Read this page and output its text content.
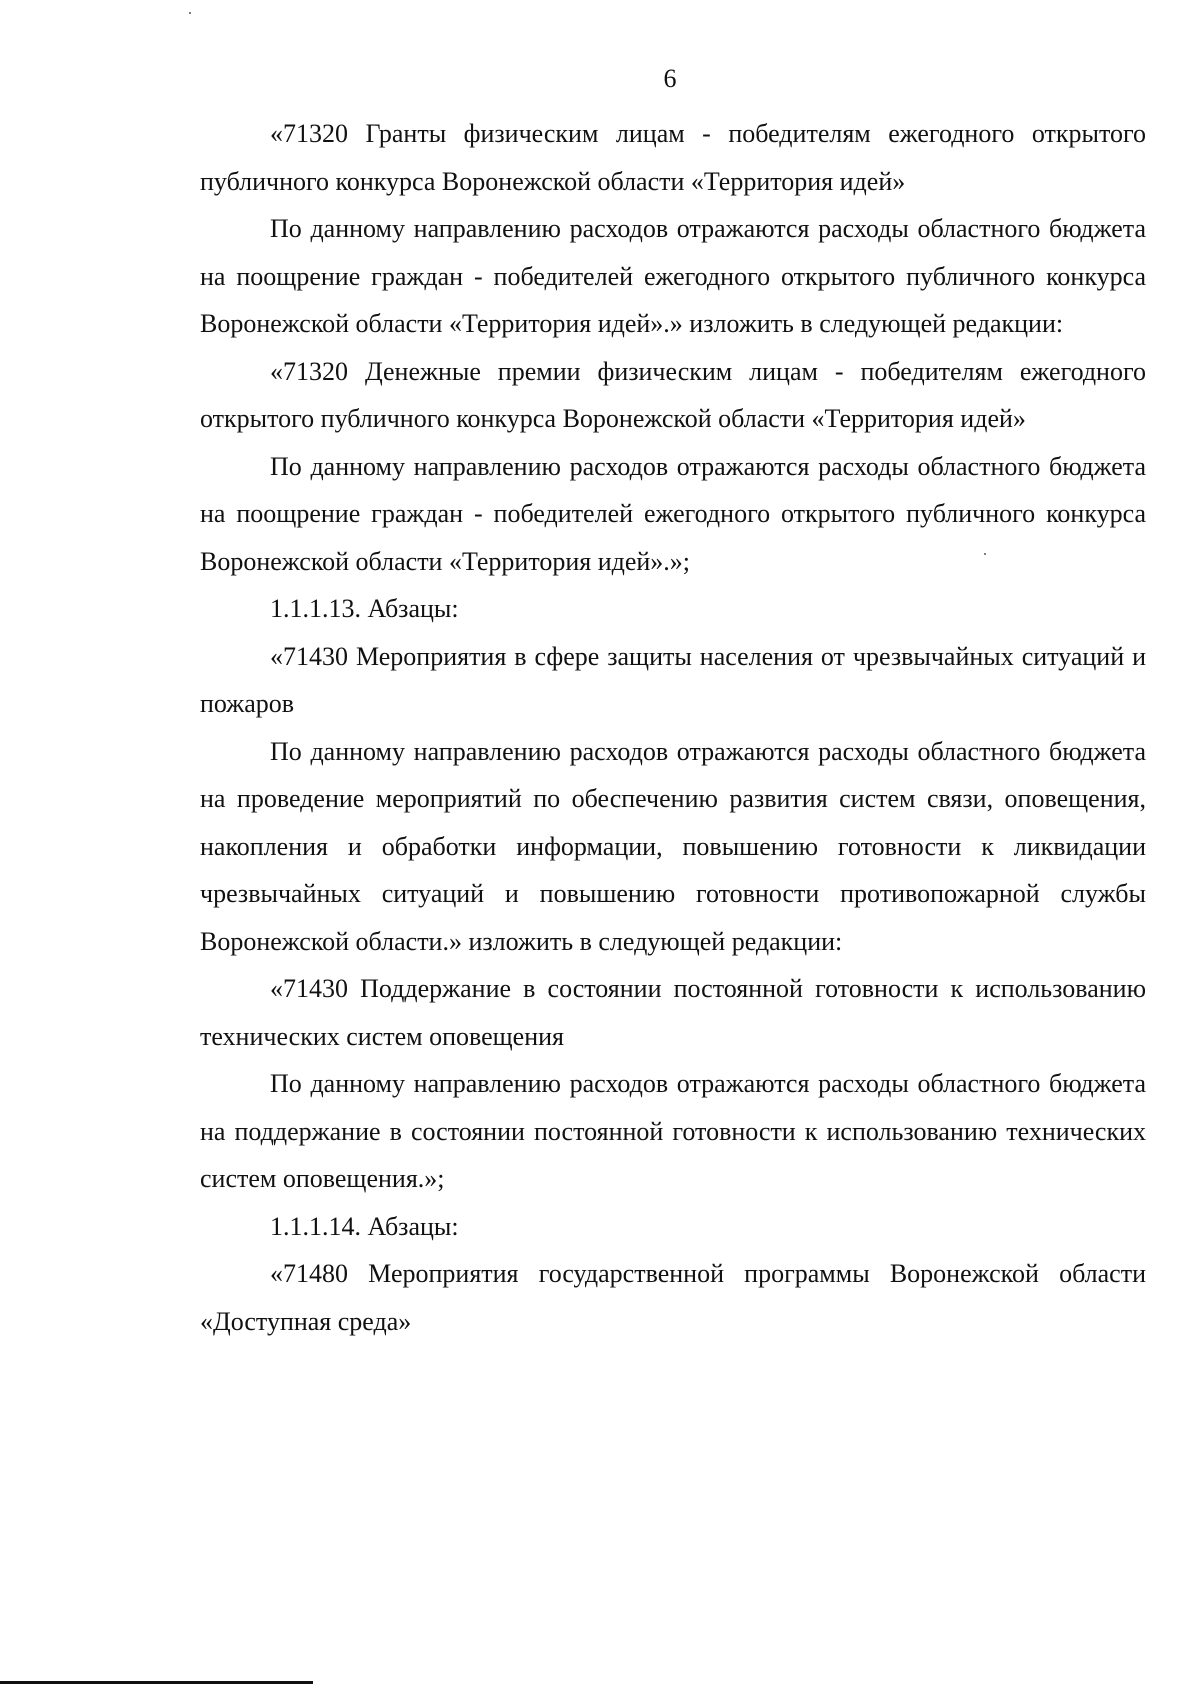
6

«71320 Гранты физическим лицам - победителям ежегодного открытого публичного конкурса Воронежской области «Территория идей»

По данному направлению расходов отражаются расходы областного бюджета на поощрение граждан - победителей ежегодного открытого публичного конкурса Воронежской области «Территория идей».» изложить в следующей редакции:

«71320 Денежные премии физическим лицам - победителям ежегодного открытого публичного конкурса Воронежской области «Территория идей»

По данному направлению расходов отражаются расходы областного бюджета на поощрение граждан - победителей ежегодного открытого публичного конкурса Воронежской области «Территория идей».»;

1.1.1.13. Абзацы:

«71430 Мероприятия в сфере защиты населения от чрезвычайных ситуаций и пожаров

По данному направлению расходов отражаются расходы областного бюджета на проведение мероприятий по обеспечению развития систем связи, оповещения, накопления и обработки информации, повышению готовности к ликвидации чрезвычайных ситуаций и повышению готовности противопожарной службы Воронежской области.» изложить в следующей редакции:

«71430 Поддержание в состоянии постоянной готовности к использованию технических систем оповещения

По данному направлению расходов отражаются расходы областного бюджета на поддержание в состоянии постоянной готовности к использованию технических систем оповещения.»;

1.1.1.14. Абзацы:

«71480 Мероприятия государственной программы Воронежской области «Доступная среда»
